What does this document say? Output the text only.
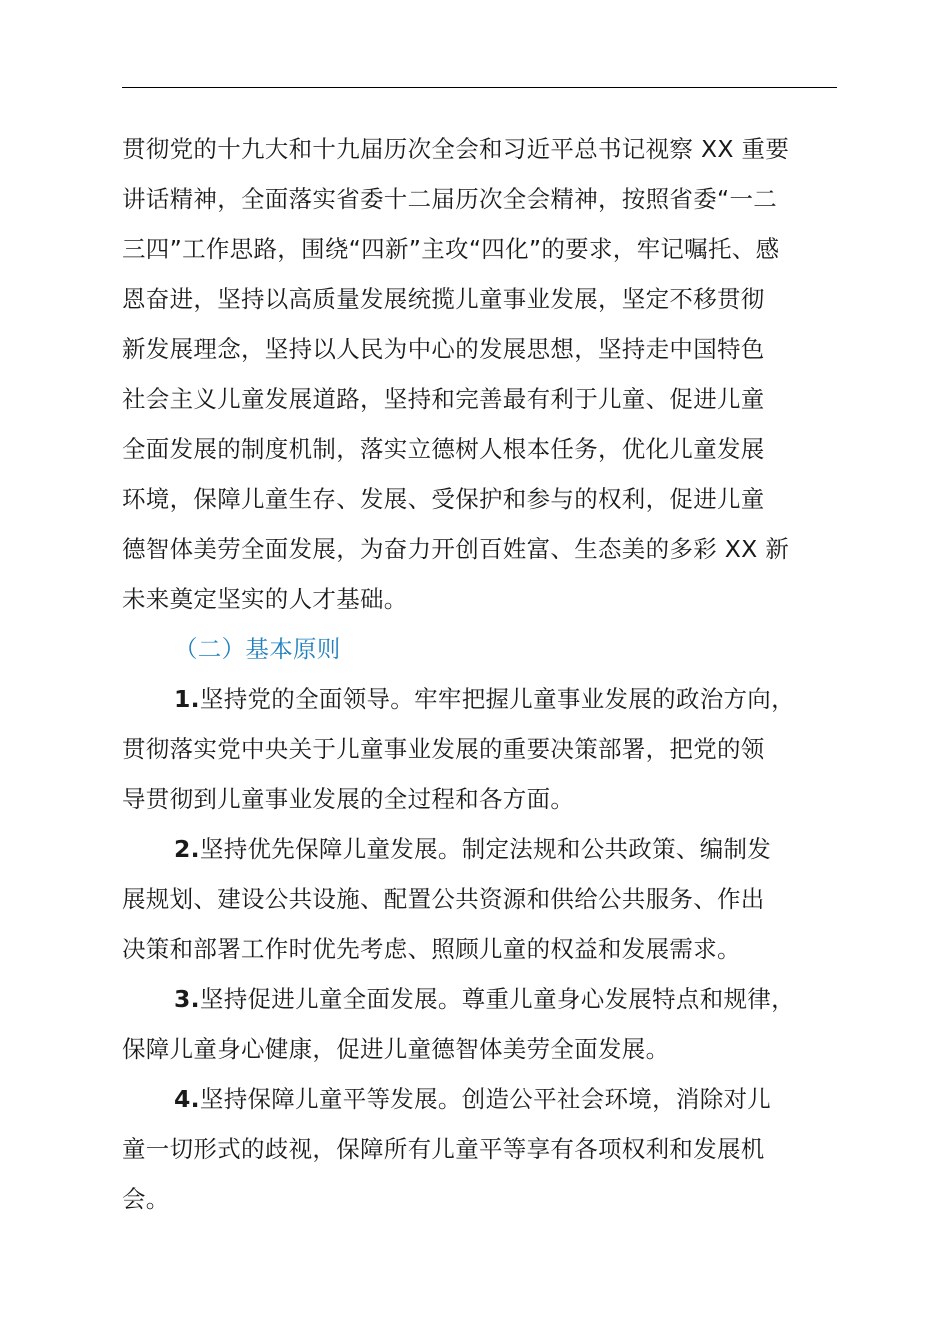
贯彻党的十九大和十九届历次全会和习近平总书记视察 XX 重要
讲话精神，全面落实省委十二届历次全会精神，按照省委“一二
三四”工作思路，围绕“四新”主攻“四化”的要求，牢记嘱托、感
恩奋进，坚持以高质量发展统揽儿童事业发展，坚定不移贯彻
新发展理念，坚持以人民为中心的发展思想，坚持走中国特色
社会主义儿童发展道路，坚持和完善最有利于儿童、促进儿童
全面发展的制度机制，落实立德树人根本任务，优化儿童发展
环境，保障儿童生存、发展、受保护和参与的权利，促进儿童
德智体美劳全面发展，为奋力开创百姓富、生态美的多彩 XX 新
未来奠定坚实的人才基础。
（二）基本原则
1.坚持党的全面领导。牢牢把握儿童事业发展的政治方向，
贯彻落实党中央关于儿童事业发展的重要决策部署，把党的领
导贯彻到儿童事业发展的全过程和各方面。
2.坚持优先保障儿童发展。制定法规和公共政策、编制发
展规划、建设公共设施、配置公共资源和供给公共服务、作出
决策和部署工作时优先考虑、照顾儿童的权益和发展需求。
3.坚持促进儿童全面发展。尊重儿童身心发展特点和规律，
保障儿童身心健康，促进儿童德智体美劳全面发展。
4.坚持保障儿童平等发展。创造公平社会环境，消除对儿
童一切形式的歧视，保障所有儿童平等享有各项权利和发展机
会。
